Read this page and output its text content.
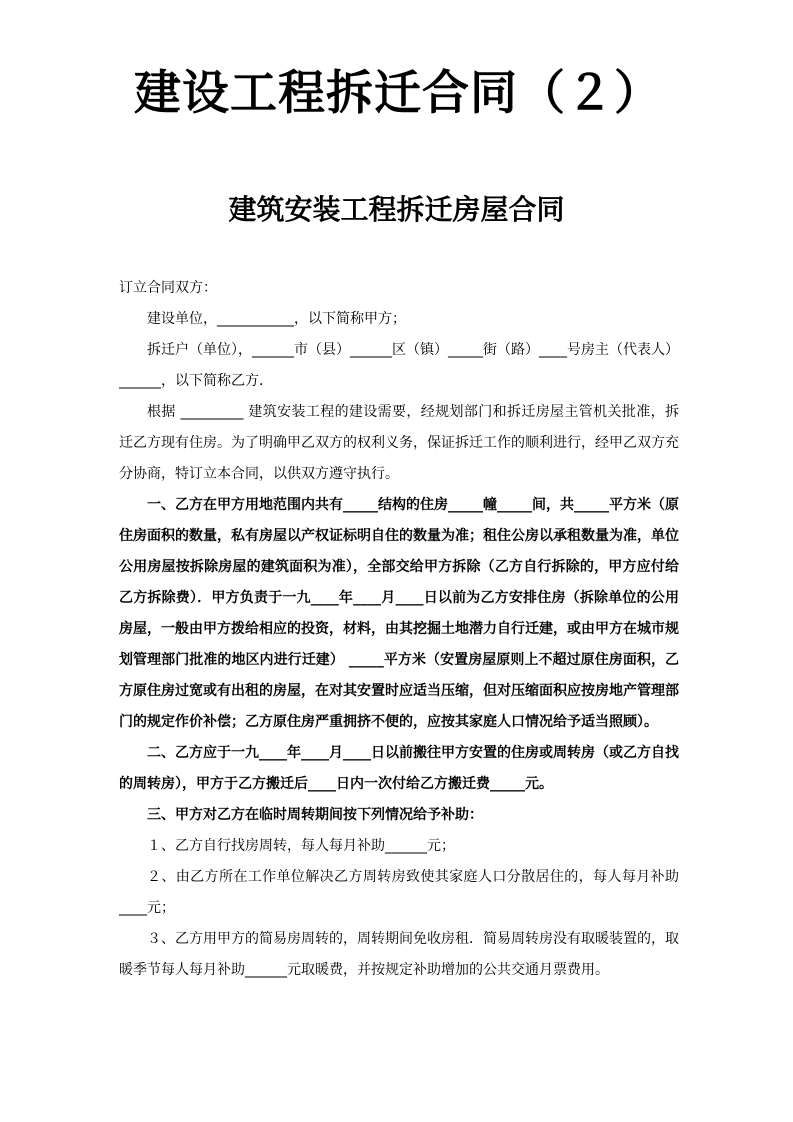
建设工程拆迁合同（２）
建筑安装工程拆迁房屋合同

订立合同双方：

建设单位，___________，以下简称甲方；

拆迁户（单位），______市（县）______区（镇）_____街（路）____号房主（代表人）______，以下简称乙方．

根据 _________ 建筑安装工程的建设需要，经规划部门和拆迁房屋主管机关批准，拆迁乙方现有住房。为了明确甲乙双方的权利义务，保证拆迁工作的顺利进行，经甲乙双方充分协商，特订立本合同，以供双方遵守执行。

一、乙方在甲方用地范围内共有_____结构的住房_____幢_____间，共_____平方米（原住房面积的数量，私有房屋以产权证标明自住的数量为准；租住公房以承租数量为准，单位公用房屋按拆除房屋的建筑面积为准），全部交给甲方拆除（乙方自行拆除的，甲方应付给乙方拆除费）．甲方负责于一九____年____月____日以前为乙方安排住房（拆除单位的公用房屋，一般由甲方拨给相应的投资，材料，由其挖掘土地潜力自行迁建，或由甲方在城市规划管理部门批准的地区内进行迁建） _____平方米（安置房屋原则上不超过原住房面积，乙方原住房过宽或有出租的房屋，在对其安置时应适当压缩，但对压缩面积应按房地产管理部门的规定作价补偿；乙方原住房严重拥挤不便的，应按其家庭人口情况给予适当照顾）。

二、乙方应于一九____年____月____日以前搬往甲方安置的住房或周转房（或乙方自找的周转房），甲方于乙方搬迁后____日内一次付给乙方搬迁费_____元。

三、甲方对乙方在临时周转期间按下列情况给予补助：

１、乙方自行找房周转，每人每月补助______元；

２、由乙方所在工作单位解决乙方周转房致使其家庭人口分散居住的，每人每月补助____元；

３、乙方用甲方的简易房周转的，周转期间免收房租．简易周转房没有取暖装置的，取暖季节每人每月补助______元取暖费，并按规定补助增加的公共交通月票费用。
